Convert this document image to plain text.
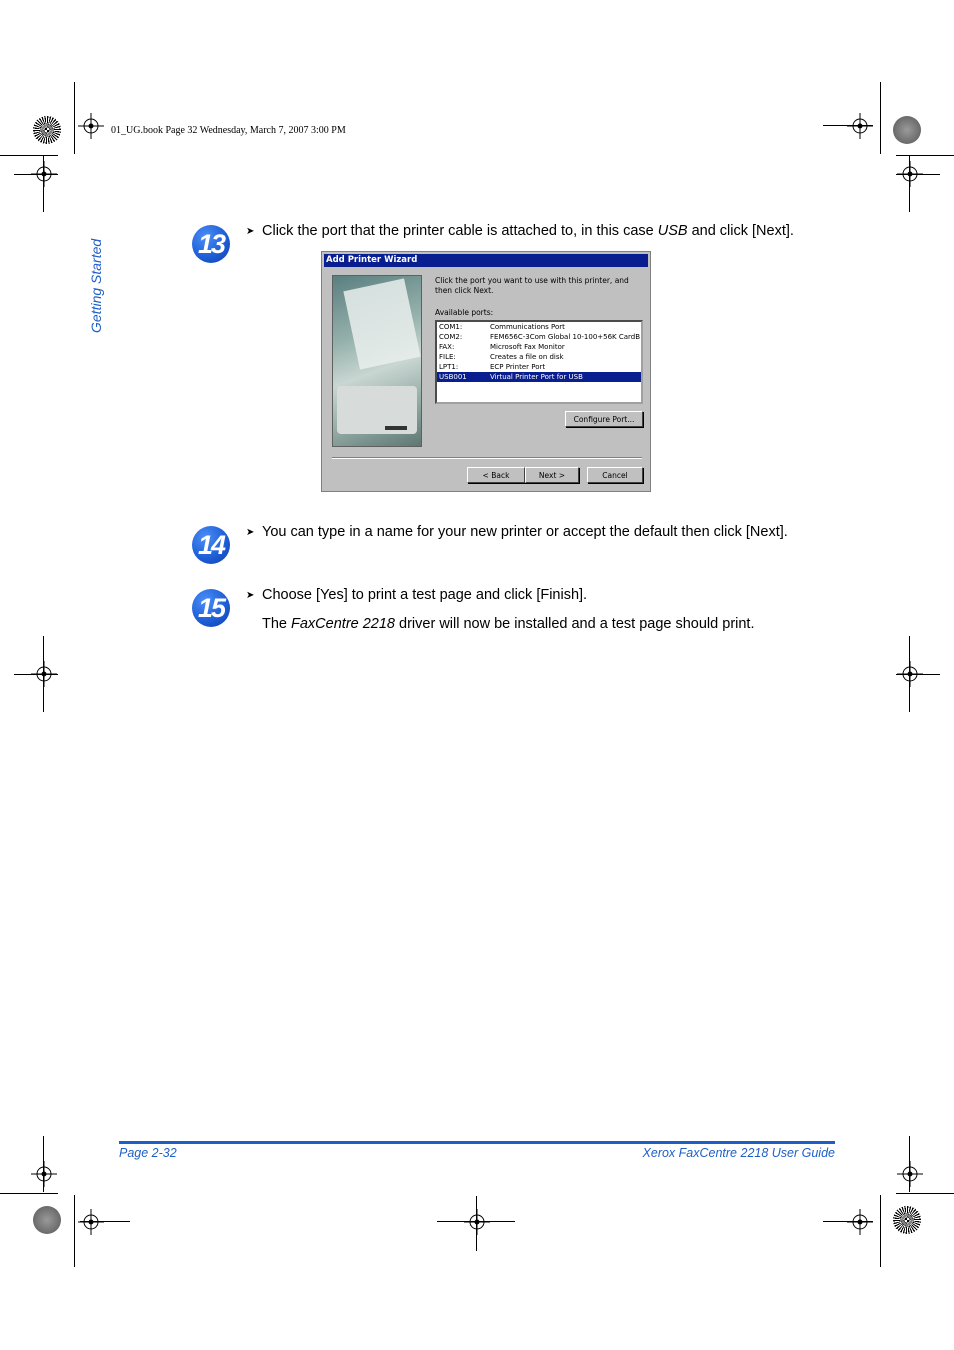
01_UG.book Page 32 Wednesday, March 7, 2007 3:00 PM
Getting Started	13	➤ Click the port that the printer cable is attached to, in this case USB and click [Next].
Add Printer Wizard
Click the port you want to use with this printer, and then click Next.
Available ports:
COM1:	Communications Port
COM2:	FEM656C-3Com Global 10-100+56K CardB
FAX:	Microsoft Fax Monitor
FILE:	Creates a file on disk
LPT1:	ECP Printer Port
USB001	Virtual Printer Port for USB
Configure Port...
< Back	Next >	Cancel
14	➤ You can type in a name for your new printer or accept the default then click [Next].
15	➤ Choose [Yes] to print a test page and click [Finish].
The FaxCentre 2218 driver will now be installed and a test page should print.
Page 2-32	Xerox FaxCentre 2218 User Guide
